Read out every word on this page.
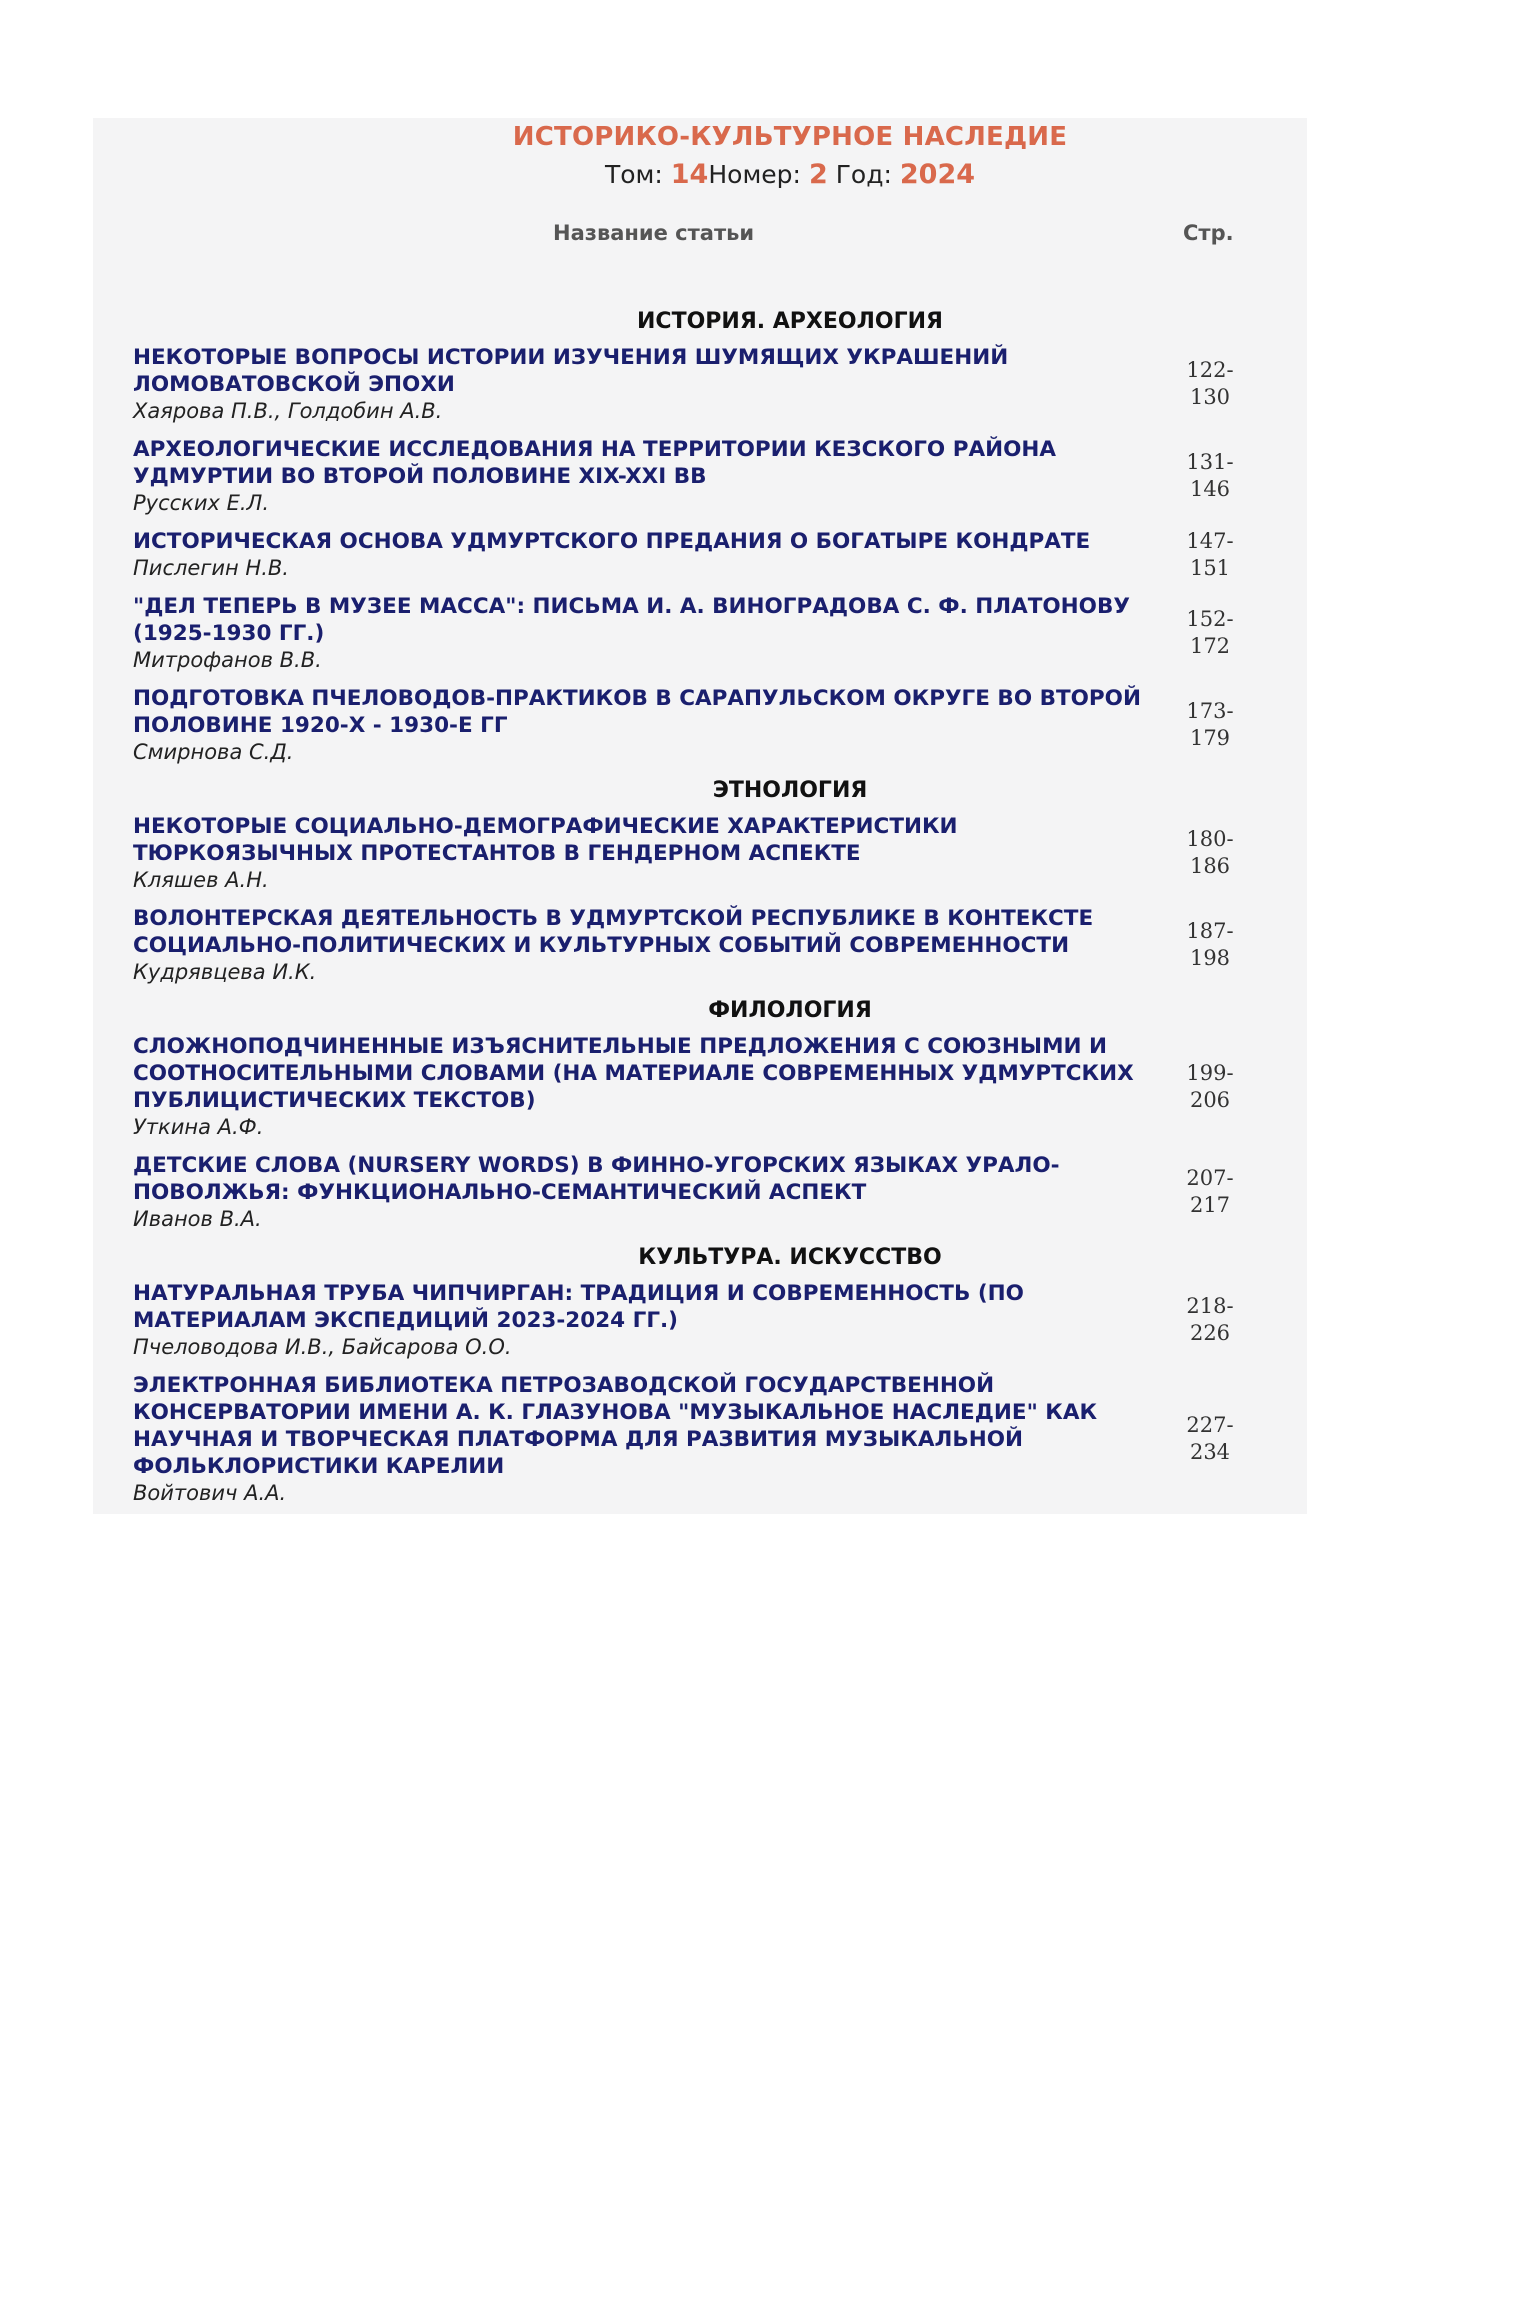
ИСТОРИКО-КУЛЬТУРНОЕ НАСЛЕДИЕ
Том: 14Номер: 2 Год: 2024
Название статьи	Стр.
ИСТОРИЯ. АРХЕОЛОГИЯ
НЕКОТОРЫЕ ВОПРОСЫ ИСТОРИИ ИЗУЧЕНИЯ ШУМЯЩИХ УКРАШЕНИЙ ЛОМОВАТОВСКОЙ ЭПОХИ
Хаярова П.В., Голдобин А.В.
122-130
АРХЕОЛОГИЧЕСКИЕ ИССЛЕДОВАНИЯ НА ТЕРРИТОРИИ КЕЗСКОГО РАЙОНА УДМУРТИИ ВО ВТОРОЙ ПОЛОВИНЕ XIX-XXI ВВ
Русских Е.Л.
131-146
ИСТОРИЧЕСКАЯ ОСНОВА УДМУРТСКОГО ПРЕДАНИЯ О БОГАТЫРЕ КОНДРАТЕ
Пислегин Н.В.
147-151
"ДЕЛ ТЕПЕРЬ В МУЗЕЕ МАССА": ПИСЬМА И. А. ВИНОГРАДОВА С. Ф. ПЛАТОНОВУ (1925-1930 ГГ.)
Митрофанов В.В.
152-172
ПОДГОТОВКА ПЧЕЛОВОДОВ-ПРАКТИКОВ В САРАПУЛЬСКОМ ОКРУГЕ ВО ВТОРОЙ ПОЛОВИНЕ 1920-Х - 1930-Е ГГ
Смирнова С.Д.
173-179
ЭТНОЛОГИЯ
НЕКОТОРЫЕ СОЦИАЛЬНО-ДЕМОГРАФИЧЕСКИЕ ХАРАКТЕРИСТИКИ ТЮРКОЯЗЫЧНЫХ ПРОТЕСТАНТОВ В ГЕНДЕРНОМ АСПЕКТЕ
Кляшев А.Н.
180-186
ВОЛОНТЕРСКАЯ ДЕЯТЕЛЬНОСТЬ В УДМУРТСКОЙ РЕСПУБЛИКЕ В КОНТЕКСТЕ СОЦИАЛЬНО-ПОЛИТИЧЕСКИХ И КУЛЬТУРНЫХ СОБЫТИЙ СОВРЕМЕННОСТИ
Кудрявцева И.К.
187-198
ФИЛОЛОГИЯ
СЛОЖНОПОДЧИНЕННЫЕ ИЗЪЯСНИТЕЛЬНЫЕ ПРЕДЛОЖЕНИЯ С СОЮЗНЫМИ И СООТНОСИТЕЛЬНЫМИ СЛОВАМИ (НА МАТЕРИАЛЕ СОВРЕМЕННЫХ УДМУРТСКИХ ПУБЛИЦИСТИЧЕСКИХ ТЕКСТОВ)
Уткина А.Ф.
199-206
ДЕТСКИЕ СЛОВА (NURSERY WORDS) В ФИННО-УГОРСКИХ ЯЗЫКАХ УРАЛО-ПОВОЛЖЬЯ: ФУНКЦИОНАЛЬНО-СЕМАНТИЧЕСКИЙ АСПЕКТ
Иванов В.А.
207-217
КУЛЬТУРА. ИСКУССТВО
НАТУРАЛЬНАЯ ТРУБА ЧИПЧИРГАН: ТРАДИЦИЯ И СОВРЕМЕННОСТЬ (ПО МАТЕРИАЛАМ ЭКСПЕДИЦИЙ 2023-2024 ГГ.)
Пчеловодова И.В., Байсарова О.О.
218-226
ЭЛЕКТРОННАЯ БИБЛИОТЕКА ПЕТРОЗАВОДСКОЙ ГОСУДАРСТВЕННОЙ КОНСЕРВАТОРИИ ИМЕНИ А. К. ГЛАЗУНОВА "МУЗЫКАЛЬНОЕ НАСЛЕДИЕ" КАК НАУЧНАЯ И ТВОРЧЕСКАЯ ПЛАТФОРМА ДЛЯ РАЗВИТИЯ МУЗЫКАЛЬНОЙ ФОЛЬКЛОРИСТИКИ КАРЕЛИИ
Войтович А.А.
227-234
